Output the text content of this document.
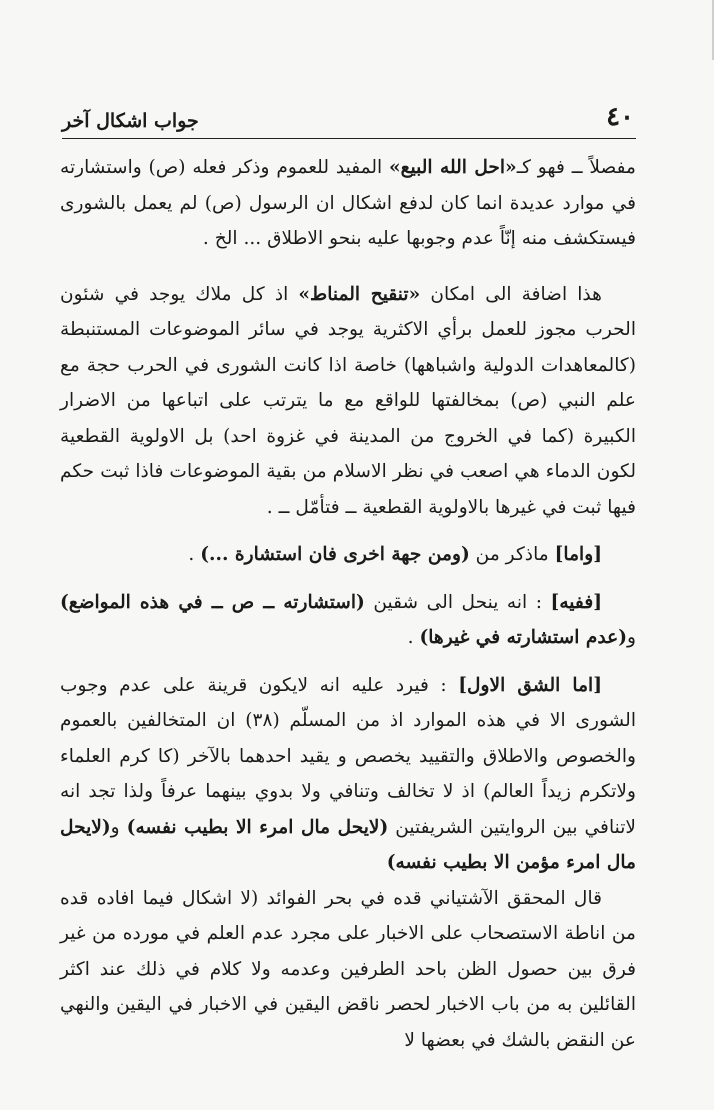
٤٠
جواب اشكال آخر

مفصلاً ــ فهو كـ«احل الله البيع» المفيد للعموم وذكر فعله (ص) واستشارته في موارد عديدة انما كان لدفع اشكال ان الرسول (ص) لم يعمل بالشورى فيستكشف منه إنّاً عدم وجوبها عليه بنحو الاطلاق ... الخ .

هذا اضافة الى امكان «تنقيح المناط» اذ كل ملاك يوجد في شئون الحرب مجوز للعمل برأي الاكثرية يوجد في سائر الموضوعات المستنبطة (كالمعاهدات الدولية واشباهها) خاصة اذا كانت الشورى في الحرب حجة مع علم النبي (ص) بمخالفتها للواقع مع ما يترتب على اتباعها من الاضرار الكبيرة (كما في الخروج من المدينة في غزوة احد) بل الاولوية القطعية لكون الدماء هي اصعب في نظر الاسلام من بقية الموضوعات فاذا ثبت حكم فيها ثبت في غيرها بالاولوية القطعية ــ فتأمّل ــ .

[واما] ماذكر من (ومن جهة اخرى فان استشارة ...) .

[ففيه] : انه ينحل الى شقين (استشارته ــ ص ــ في هذه المواضع) و(عدم استشارته في غيرها) .

[اما الشق الاول] : فيرد عليه انه لايكون قرينة على عدم وجوب الشورى الا في هذه الموارد اذ من المسلّم (٣٨) ان المتخالفين بالعموم والخصوص والاطلاق والتقييد يخصص و يقيد احدهما بالآخر (كا كرم العلماء ولاتكرم زيداً العالم) اذ لا تخالف وتنافي ولا بدوي بينهما عرفاً ولذا تجد انه لاتنافي بين الروايتين الشريفتين (لايحل مال امرء الا بطيب نفسه) و(لايحل مال امرء مؤمن الا بطيب نفسه)

قال المحقق الآشتياني قده في بحر الفوائد (لا اشكال فيما افاده قده من اناطة الاستصحاب على الاخبار على مجرد عدم العلم في مورده من غير فرق بين حصول الظن باحد الطرفين وعدمه ولا كلام في ذلك عند اكثر القائلين به من باب الاخبار لحصر ناقض اليقين في الاخبار في اليقين والنهي عن النقض بالشك في بعضها لا
